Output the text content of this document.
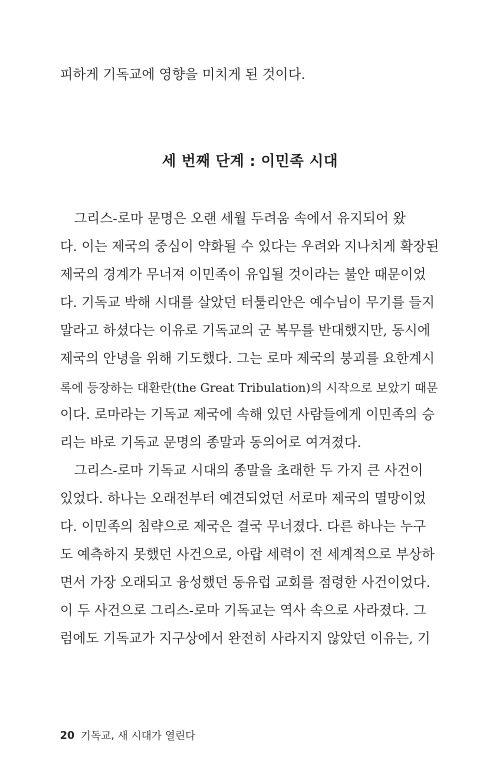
피하게 기독교에 영향을 미치게 된 것이다.
세 번째 단계 : 이민족 시대
그리스-로마 문명은 오랜 세월 두려움 속에서 유지되어 왔
다. 이는 제국의 중심이 약화될 수 있다는 우려와 지나치게 확장된
제국의 경계가 무너져 이민족이 유입될 것이라는 불안 때문이었
다. 기독교 박해 시대를 살았던 터툴리안은 예수님이 무기를 들지
말라고 하셨다는 이유로 기독교의 군 복무를 반대했지만, 동시에
제국의 안녕을 위해 기도했다. 그는 로마 제국의 붕괴를 요한계시
록에 등장하는 대환란(the Great Tribulation)의 시작으로 보았기 때문
이다. 로마라는 기독교 제국에 속해 있던 사람들에게 이민족의 승
리는 바로 기독교 문명의 종말과 동의어로 여겨졌다.
그리스-로마 기독교 시대의 종말을 초래한 두 가지 큰 사건이
있었다. 하나는 오래전부터 예견되었던 서로마 제국의 멸망이었
다. 이민족의 침략으로 제국은 결국 무너졌다. 다른 하나는 누구
도 예측하지 못했던 사건으로, 아랍 세력이 전 세계적으로 부상하
면서 가장 오래되고 융성했던 동유럽 교회를 점령한 사건이었다.
이 두 사건으로 그리스-로마 기독교는 역사 속으로 사라졌다. 그
럼에도 기독교가 지구상에서 완전히 사라지지 않았던 이유는, 기
20 기독교, 새 시대가 열린다
